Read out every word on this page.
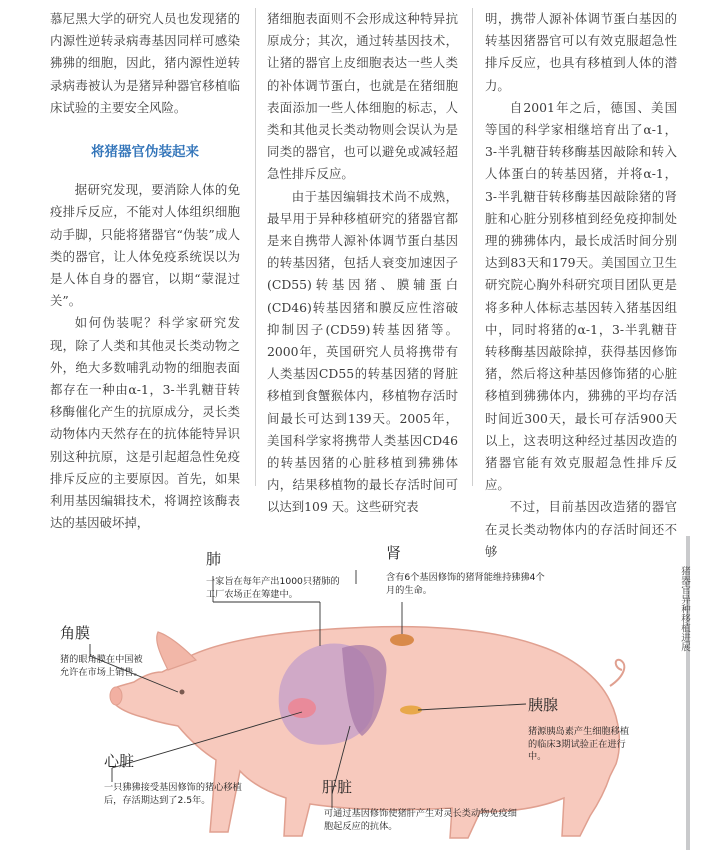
慕尼黑大学的研究人员也发现猪的内源性逆转录病毒基因同样可感染狒狒的细胞，因此，猪内源性逆转录病毒被认为是猪异种器官移植临床试验的主要安全风险。

将猪器官伪装起来

据研究发现，要消除人体的免疫排斥反应，不能对人体组织细胞动手脚，只能将猪器官“伪装”成人类的器官，让人体免疫系统误以为是人体自身的器官，以期“蒙混过关”。

如何伪装呢？科学家研究发现，除了人类和其他灵长类动物之外，绝大多数哺乳动物的细胞表面都存在一种由α-1，3-半乳糖苷转移酶催化产生的抗原成分，灵长类动物体内天然存在的抗体能特异识别这种抗原，这是引起超急性免疫排斥反应的主要原因。首先，如果利用基因编辑技术，将调控该酶表达的基因破坏掉，

猪细胞表面则不会形成这种特异抗原成分；其次，通过转基因技术，让猪的器官上皮细胞表达一些人类的补体调节蛋白，也就是在猪细胞表面添加一些人体细胞的标志，人类和其他灵长类动物则会误认为是同类的器官，也可以避免或减轻超急性排斥反应。

由于基因编辑技术尚不成熟，最早用于异种移植研究的猪器官都是来自携带人源补体调节蛋白基因的转基因猪，包括人衰变加速因子(CD55)转基因猪、膜辅蛋白(CD46)转基因猪和膜反应性溶破抑制因子(CD59)转基因猪等。2000年，英国研究人员将携带有人类基因CD55的转基因猪的肾脏移植到食蟹猴体内，移植物存活时间最长可达到139天。2005年，美国科学家将携带人类基因CD46的转基因猪的心脏移植到狒狒体内，结果移植物的最长存活时间可以达到109 天。这些研究表

明，携带人源补体调节蛋白基因的转基因猪器官可以有效克服超急性排斥反应，也具有移植到人体的潜力。

自2001年之后，德国、美国等国的科学家相继培育出了α-1，3-半乳糖苷转移酶基因敲除和转入人体蛋白的转基因猪，并将α-1，3-半乳糖苷转移酶基因敲除猪的肾脏和心脏分别移植到经免疫抑制处理的狒狒体内，最长成活时间分别达到83天和179天。美国国立卫生研究院心胸外科研究项目团队更是将多种人体标志基因转入猪基因组中，同时将猪的α-1，3-半乳糖苷转移酶基因敲除掉，获得基因修饰猪，然后将这种基因修饰猪的心脏移植到狒狒体内，狒狒的平均存活时间近300天，最长可存活900天以上，这表明这种经过基因改造的猪器官能有效克服超急性排斥反应。

不过，目前基因改造猪的器官在灵长类动物体内的存活时间还不够

肺
一家旨在每年产出1000只猪肺的工厂农场正在筹建中。
肾
含有6个基因修饰的猪肾能维持狒狒4个月的生命。
角膜
猪的眼角膜在中国被允许在市场上销售。
胰腺
猪源胰岛素产生细胞移植的临床3期试验正在进行中。
心脏
一只狒狒接受基因修饰的猪心移植后，存活期达到了2.5年。
肝脏
可通过基因修饰使猪肝产生对灵长类动物免疫细胞起反应的抗体。
猪器官异种移植进展
